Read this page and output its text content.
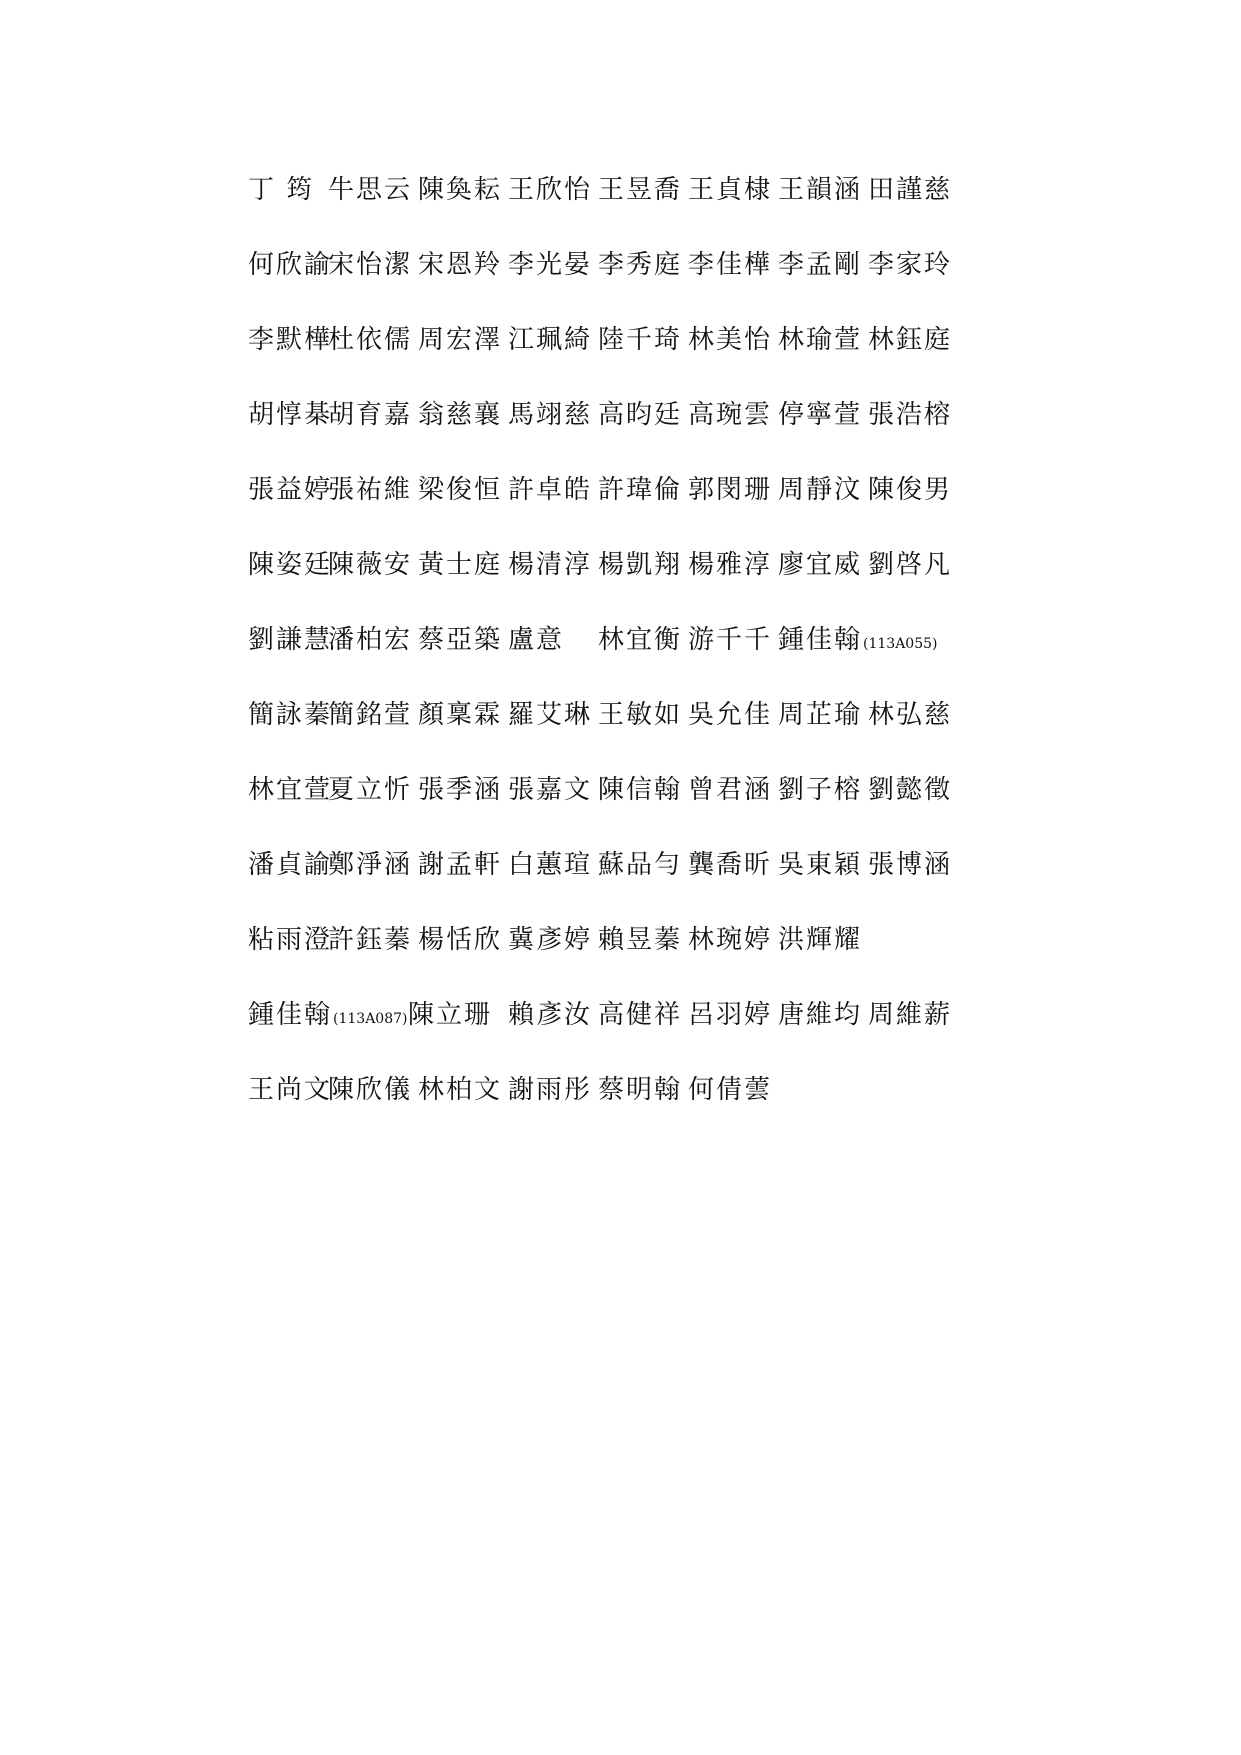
丁 筠 牛思云 陳奐耘 王欣怡 王昱喬 王貞棣 王韻涵 田謹慈
何欣諭
宋怡潔 宋恩羚 李光晏 李秀庭 李佳樺 李孟剛 李家玲
李默樺
杜依儒 周宏澤 江珮綺 陸千琦 林美怡 林瑜萱 林鈺庭
胡惇棊
胡育嘉 翁慈襄 馬翊慈 高昀廷 高琬雲 停寧萱 張浩榕
張益婷
張祐維 梁俊恒 許卓皓 許瑋倫 郭閔珊 周靜汶 陳俊男
陳姿廷
陳薇安 黃士庭 楊清淳 楊凱翔 楊雅淳 廖宜威 劉啓凡
劉謙慧
潘柏宏 蔡亞築 盧意 林宜衡 游千千 鍾佳翰(113A055)
簡詠蓁
簡銘萱 顏稟霖 羅艾琳 王敏如 吳允佳 周芷瑜 林弘慈
林宜萱
夏立忻 張季涵 張嘉文 陳信翰 曾君涵 劉子榕 劉懿徵
潘貞諭
鄭淨涵 謝孟軒 白蕙瑄 蘇品勻 龔喬昕 吳東穎 張博涵
粘雨澄
許鈺蓁 楊恬欣 冀彥婷 賴昱蓁 林琬婷 洪輝耀
鍾佳翰(113A087) 陳立珊 賴彥汝 高健祥 呂羽婷 唐維均 周維薪
王尚文
陳欣儀 林柏文 謝雨彤 蔡明翰 何倩蕓
